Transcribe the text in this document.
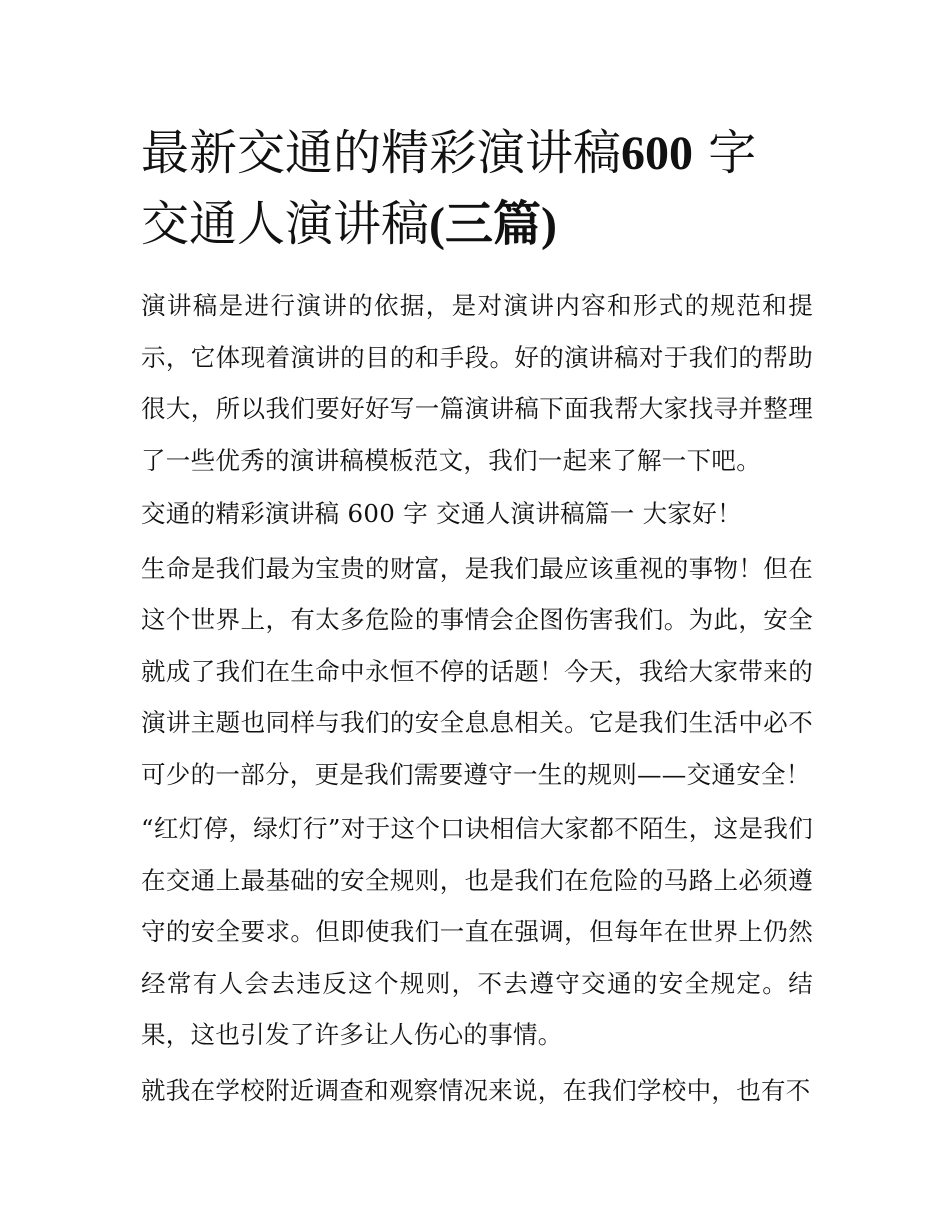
最新交通的精彩演讲稿600 字
交通人演讲稿(三篇)

演讲稿是进行演讲的依据，是对演讲内容和形式的规范和提示，它体现着演讲的目的和手段。好的演讲稿对于我们的帮助很大，所以我们要好好写一篇演讲稿下面我帮大家找寻并整理了一些优秀的演讲稿模板范文，我们一起来了解一下吧。

交通的精彩演讲稿 600 字 交通人演讲稿篇一 大家好！

生命是我们最为宝贵的财富，是我们最应该重视的事物！但在这个世界上，有太多危险的事情会企图伤害我们。为此，安全就成了我们在生命中永恒不停的话题！今天，我给大家带来的演讲主题也同样与我们的安全息息相关。它是我们生活中必不可少的一部分，更是我们需要遵守一生的规则——交通安全！

“红灯停，绿灯行”对于这个口诀相信大家都不陌生，这是我们在交通上最基础的安全规则，也是我们在危险的马路上必须遵守的安全要求。但即使我们一直在强调，但每年在世界上仍然经常有人会去违反这个规则，不去遵守交通的安全规定。结果，这也引发了许多让人伤心的事情。

就我在学校附近调查和观察情况来说，在我们学校中，也有不
